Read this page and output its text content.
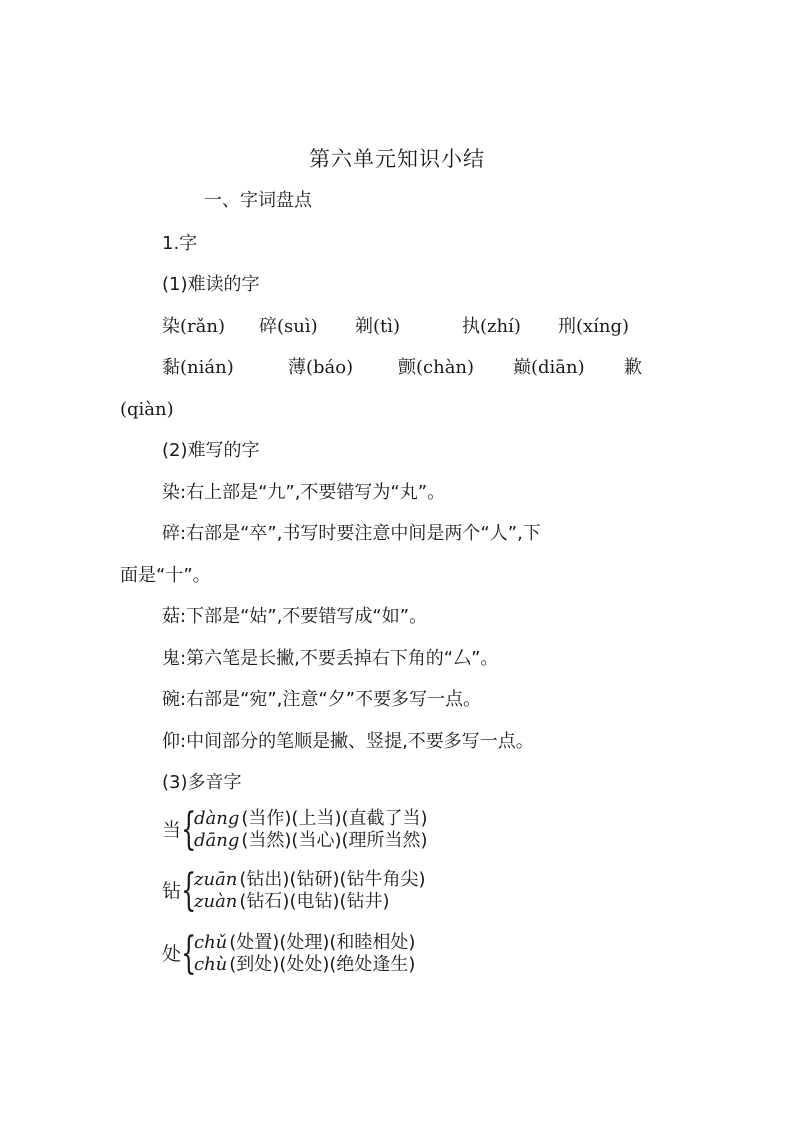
第六单元知识小结
一、字词盘点
1.字
(1)难读的字
染(rǎn) 碎(suì) 剃(tì)	执(zhí) 刑(xíng)
黏(nián)	薄(báo) 颤(chàn) 巅(diān) 歉
(qiàn)
(2)难写的字
染:右上部是“九”,不要错写为“丸”。
碎:右部是“卒”,书写时要注意中间是两个“人”,下
面是“十”。
菇:下部是“姑”,不要错写成“如”。
鬼:第六笔是长撇,不要丢掉右下角的“厶”。
碗:右部是“宛”,注意“夕”不要多写一点。
仰:中间部分的笔顺是撇、竖提,不要多写一点。
(3)多音字
当 {
dàng (当作)(上当)(直截了当)
dāng (当然)(当心)(理所当然)
钻 {
zuān (钻出)(钻研)(钻牛角尖)
zuàn (钻石)(电钻)(钻井)
处 {
chǔ (处置)(处理)(和睦相处)
chù (到处)(处处)(绝处逢生)
